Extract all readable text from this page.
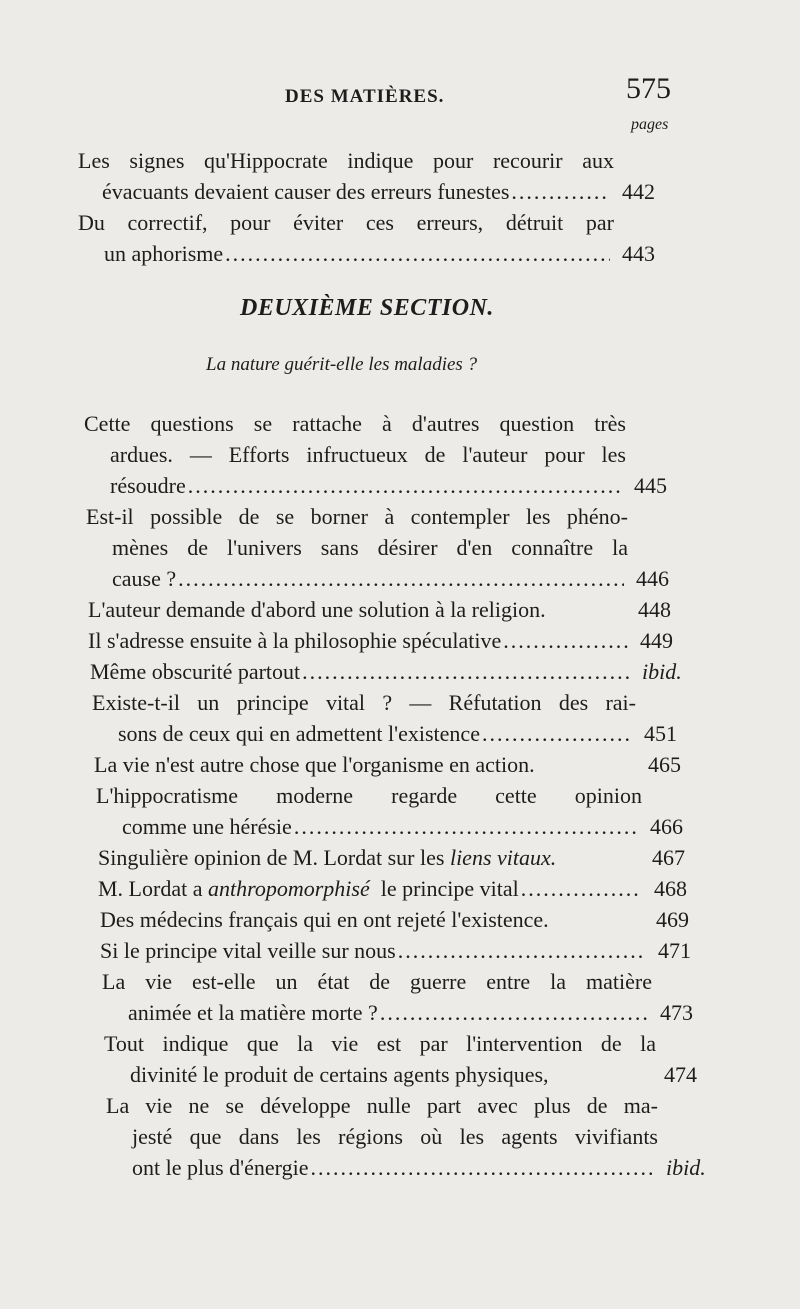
DES MATIÈRES.	575
pages
Les signes qu'Hippocrate indique pour recourir aux
évacuants devaient causer des erreurs funestes .....	442
Du correctif, pour éviter ces erreurs, détruit par
un aphorisme .....	443
DEUXIÈME SECTION.
La nature guérit-elle les maladies ?
Cette questions se rattache à d'autres question très
ardues. — Efforts infructueux de l'auteur pour les
résoudre .....	445
Est-il possible de se borner à contempler les phéno-
mènes de l'univers sans désirer d'en connaître la
cause ? .....	446
L'auteur demande d'abord une solution à la religion.	448
Il s'adresse ensuite à la philosophie spéculative .....	449
Même obscurité partout .....	ibid.
Existe-t-il un principe vital ? — Réfutation des rai-
sons de ceux qui en admettent l'existence .....	451
La vie n'est autre chose que l'organisme en action.	465
L'hippocratisme moderne regarde cette opinion
comme une hérésie .....	466
Singulière opinion de M. Lordat sur les liens vitaux.	467
M. Lordat a anthropomorphisé le principe vital .....	468
Des médecins français qui en ont rejeté l'existence.	469
Si le principe vital veille sur nous .....	471
La vie est-elle un état de guerre entre la matière
animée et la matière morte ? .....	473
Tout indique que la vie est par l'intervention de la
divinité le produit de certains agents physiques,	474
La vie ne se développe nulle part avec plus de ma-
jesté que dans les régions où les agents vivifiants
ont le plus d'énergie .....	ibid.
